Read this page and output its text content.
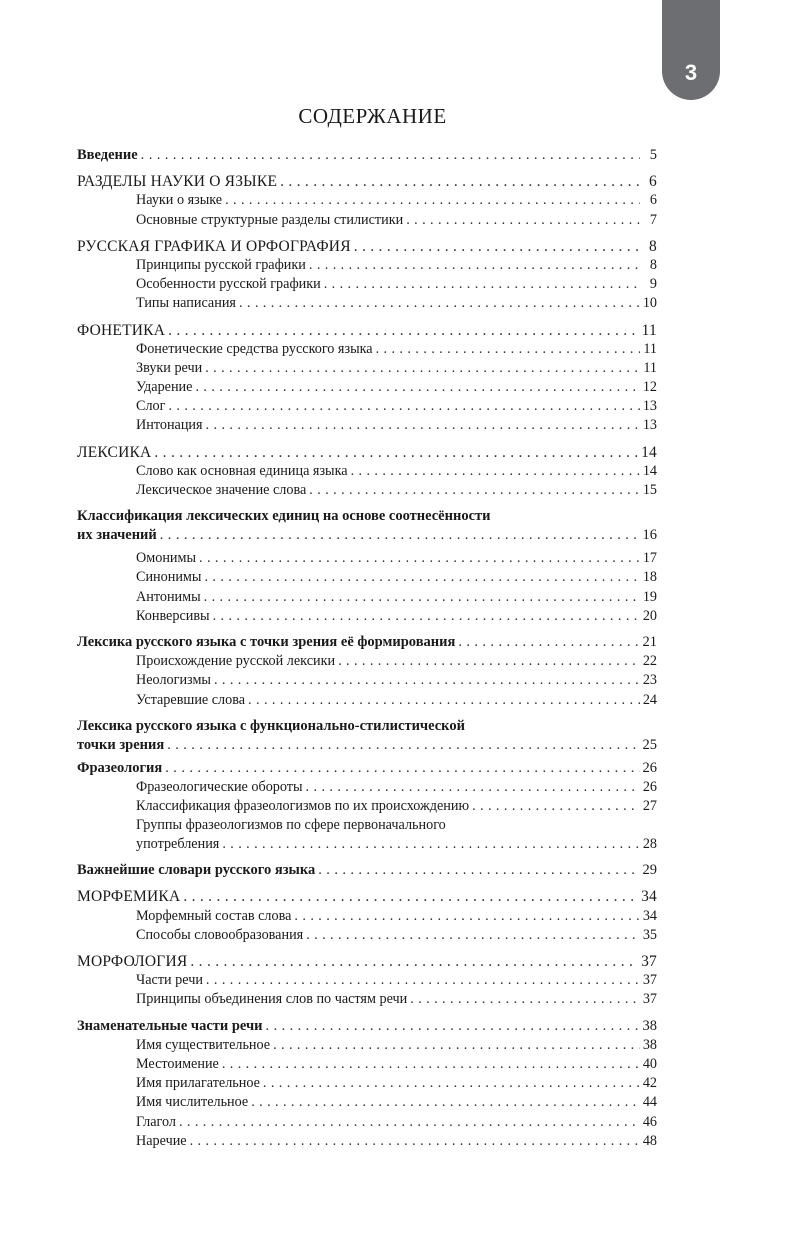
3
СОДЕРЖАНИЕ
Введение .....	5
РАЗДЕЛЫ НАУКИ О ЯЗЫКЕ .....	6
Науки о языке .....	6
Основные структурные разделы стилистики .....	7
РУССКАЯ ГРАФИКА И ОРФОГРАФИЯ .....	8
Принципы русской графики .....	8
Особенности русской графики .....	9
Типы написания .....	10
ФОНЕТИКА .....	11
Фонетические средства русского языка .....	11
Звуки речи .....	11
Ударение .....	12
Слог .....	13
Интонация .....	13
ЛЕКСИКА .....	14
Слово как основная единица языка .....	14
Лексическое значение слова .....	15
Классификация лексических единиц на основе соотнесённости
их значений .....	16
Омонимы .....	17
Синонимы .....	18
Антонимы .....	19
Конверсивы .....	20
Лексика русского языка с точки зрения её формирования .....	21
Происхождение русской лексики .....	22
Неологизмы .....	23
Устаревшие слова .....	24
Лексика русского языка с функционально-стилистической
точки зрения .....	25
Фразеология .....	26
Фразеологические обороты .....	26
Классификация фразеологизмов по их происхождению .....	27
Группы фразеологизмов по сфере первоначального
употребления .....	28
Важнейшие словари русского языка .....	29
МОРФЕМИКА .....	34
Морфемный состав слова .....	34
Способы словообразования .....	35
МОРФОЛОГИЯ .....	37
Части речи .....	37
Принципы объединения слов по частям речи .....	37
Знаменательные части речи .....	38
Имя существительное .....	38
Местоимение .....	40
Имя прилагательное .....	42
Имя числительное .....	44
Глагол .....	46
Наречие .....	48
